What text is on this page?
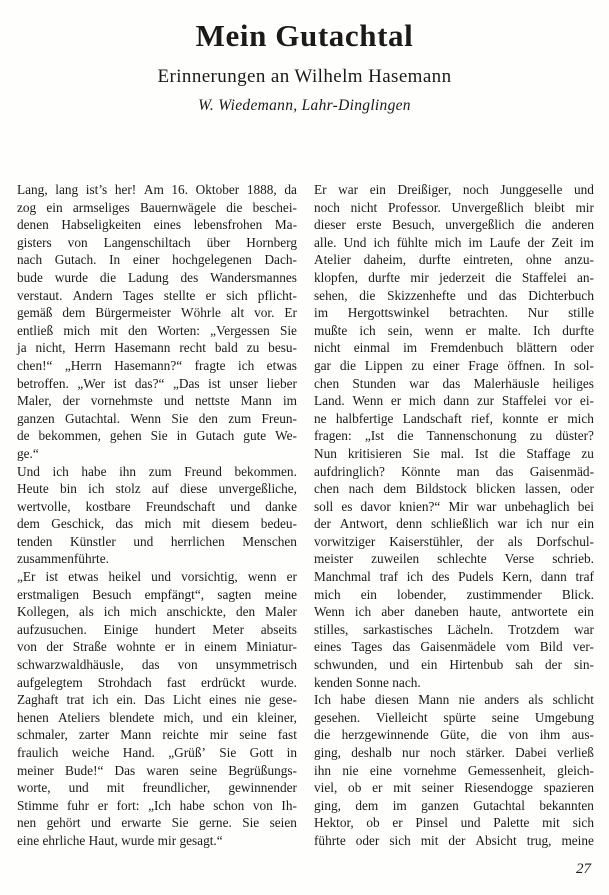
Mein Gutachtal
Erinnerungen an Wilhelm Hasemann
W. Wiedemann, Lahr-Dinglingen
Lang, lang ist’s her! Am 16. Oktober 1888, da
zog ein armseliges Bauernwägele die beschei-
denen Habseligkeiten eines lebensfrohen Ma-
gisters von Langenschiltach über Hornberg
nach Gutach. In einer hochgelegenen Dach-
bude wurde die Ladung des Wandersmannes
verstaut. Andern Tages stellte er sich pflicht-
gemäß dem Bürgermeister Wöhrle alt vor. Er
entließ mich mit den Worten: „Vergessen Sie
ja nicht, Herrn Hasemann recht bald zu besu-
chen!“ „Herrn Hasemann?“ fragte ich etwas
betroffen. „Wer ist das?“ „Das ist unser lieber
Maler, der vornehmste und nettste Mann im
ganzen Gutachtal. Wenn Sie den zum Freun-
de bekommen, gehen Sie in Gutach gute We-
ge.“
Und ich habe ihn zum Freund bekommen.
Heute bin ich stolz auf diese unvergeßliche,
wertvolle, kostbare Freundschaft und danke
dem Geschick, das mich mit diesem bedeu-
tenden Künstler und herrlichen Menschen
zusammenführte.
„Er ist etwas heikel und vorsichtig, wenn er
erstmaligen Besuch empfängt“, sagten meine
Kollegen, als ich mich anschickte, den Maler
aufzusuchen. Einige hundert Meter abseits
von der Straße wohnte er in einem Miniatur-
schwarzwaldhäusle, das von unsymmetrisch
aufgelegtem Strohdach fast erdrückt wurde.
Zaghaft trat ich ein. Das Licht eines nie gese-
henen Ateliers blendete mich, und ein kleiner,
schmaler, zarter Mann reichte mir seine fast
fraulich weiche Hand. „Grüß’ Sie Gott in
meiner Bude!“ Das waren seine Begrüßungs-
worte, und mit freundlicher, gewinnender
Stimme fuhr er fort: „Ich habe schon von Ih-
nen gehört und erwarte Sie gerne. Sie seien
eine ehrliche Haut, wurde mir gesagt.“
Er war ein Dreißiger, noch Junggeselle und
noch nicht Professor. Unvergeßlich bleibt mir
dieser erste Besuch, unvergeßlich die anderen
alle. Und ich fühlte mich im Laufe der Zeit im
Atelier daheim, durfte eintreten, ohne anzu-
klopfen, durfte mir jederzeit die Staffelei an-
sehen, die Skizzenhefte und das Dichterbuch
im Hergottswinkel betrachten. Nur stille
mußte ich sein, wenn er malte. Ich durfte
nicht einmal im Fremdenbuch blättern oder
gar die Lippen zu einer Frage öffnen. In sol-
chen Stunden war das Malerhäusle heiliges
Land. Wenn er mich dann zur Staffelei vor ei-
ne halbfertige Landschaft rief, konnte er mich
fragen: „Ist die Tannenschonung zu düster?
Nun kritisieren Sie mal. Ist die Staffage zu
aufdringlich? Könnte man das Gaisenmäd-
chen nach dem Bildstock blicken lassen, oder
soll es davor knien?“ Mir war unbehaglich bei
der Antwort, denn schließlich war ich nur ein
vorwitziger Kaiserstühler, der als Dorfschul-
meister zuweilen schlechte Verse schrieb.
Manchmal traf ich des Pudels Kern, dann traf
mich ein lobender, zustimmender Blick.
Wenn ich aber daneben haute, antwortete ein
stilles, sarkastisches Lächeln. Trotzdem war
eines Tages das Gaisenmädele vom Bild ver-
schwunden, und ein Hirtenbub sah der sin-
kenden Sonne nach.
Ich habe diesen Mann nie anders als schlicht
gesehen. Vielleicht spürte seine Umgebung
die herzgewinnende Güte, die von ihm aus-
ging, deshalb nur noch stärker. Dabei verließ
ihn nie eine vornehme Gemessenheit, gleich-
viel, ob er mit seiner Riesendogge spazieren
ging, dem im ganzen Gutachtal bekannten
Hektor, ob er Pinsel und Palette mit sich
führte oder sich mit der Absicht trug, meine
27
